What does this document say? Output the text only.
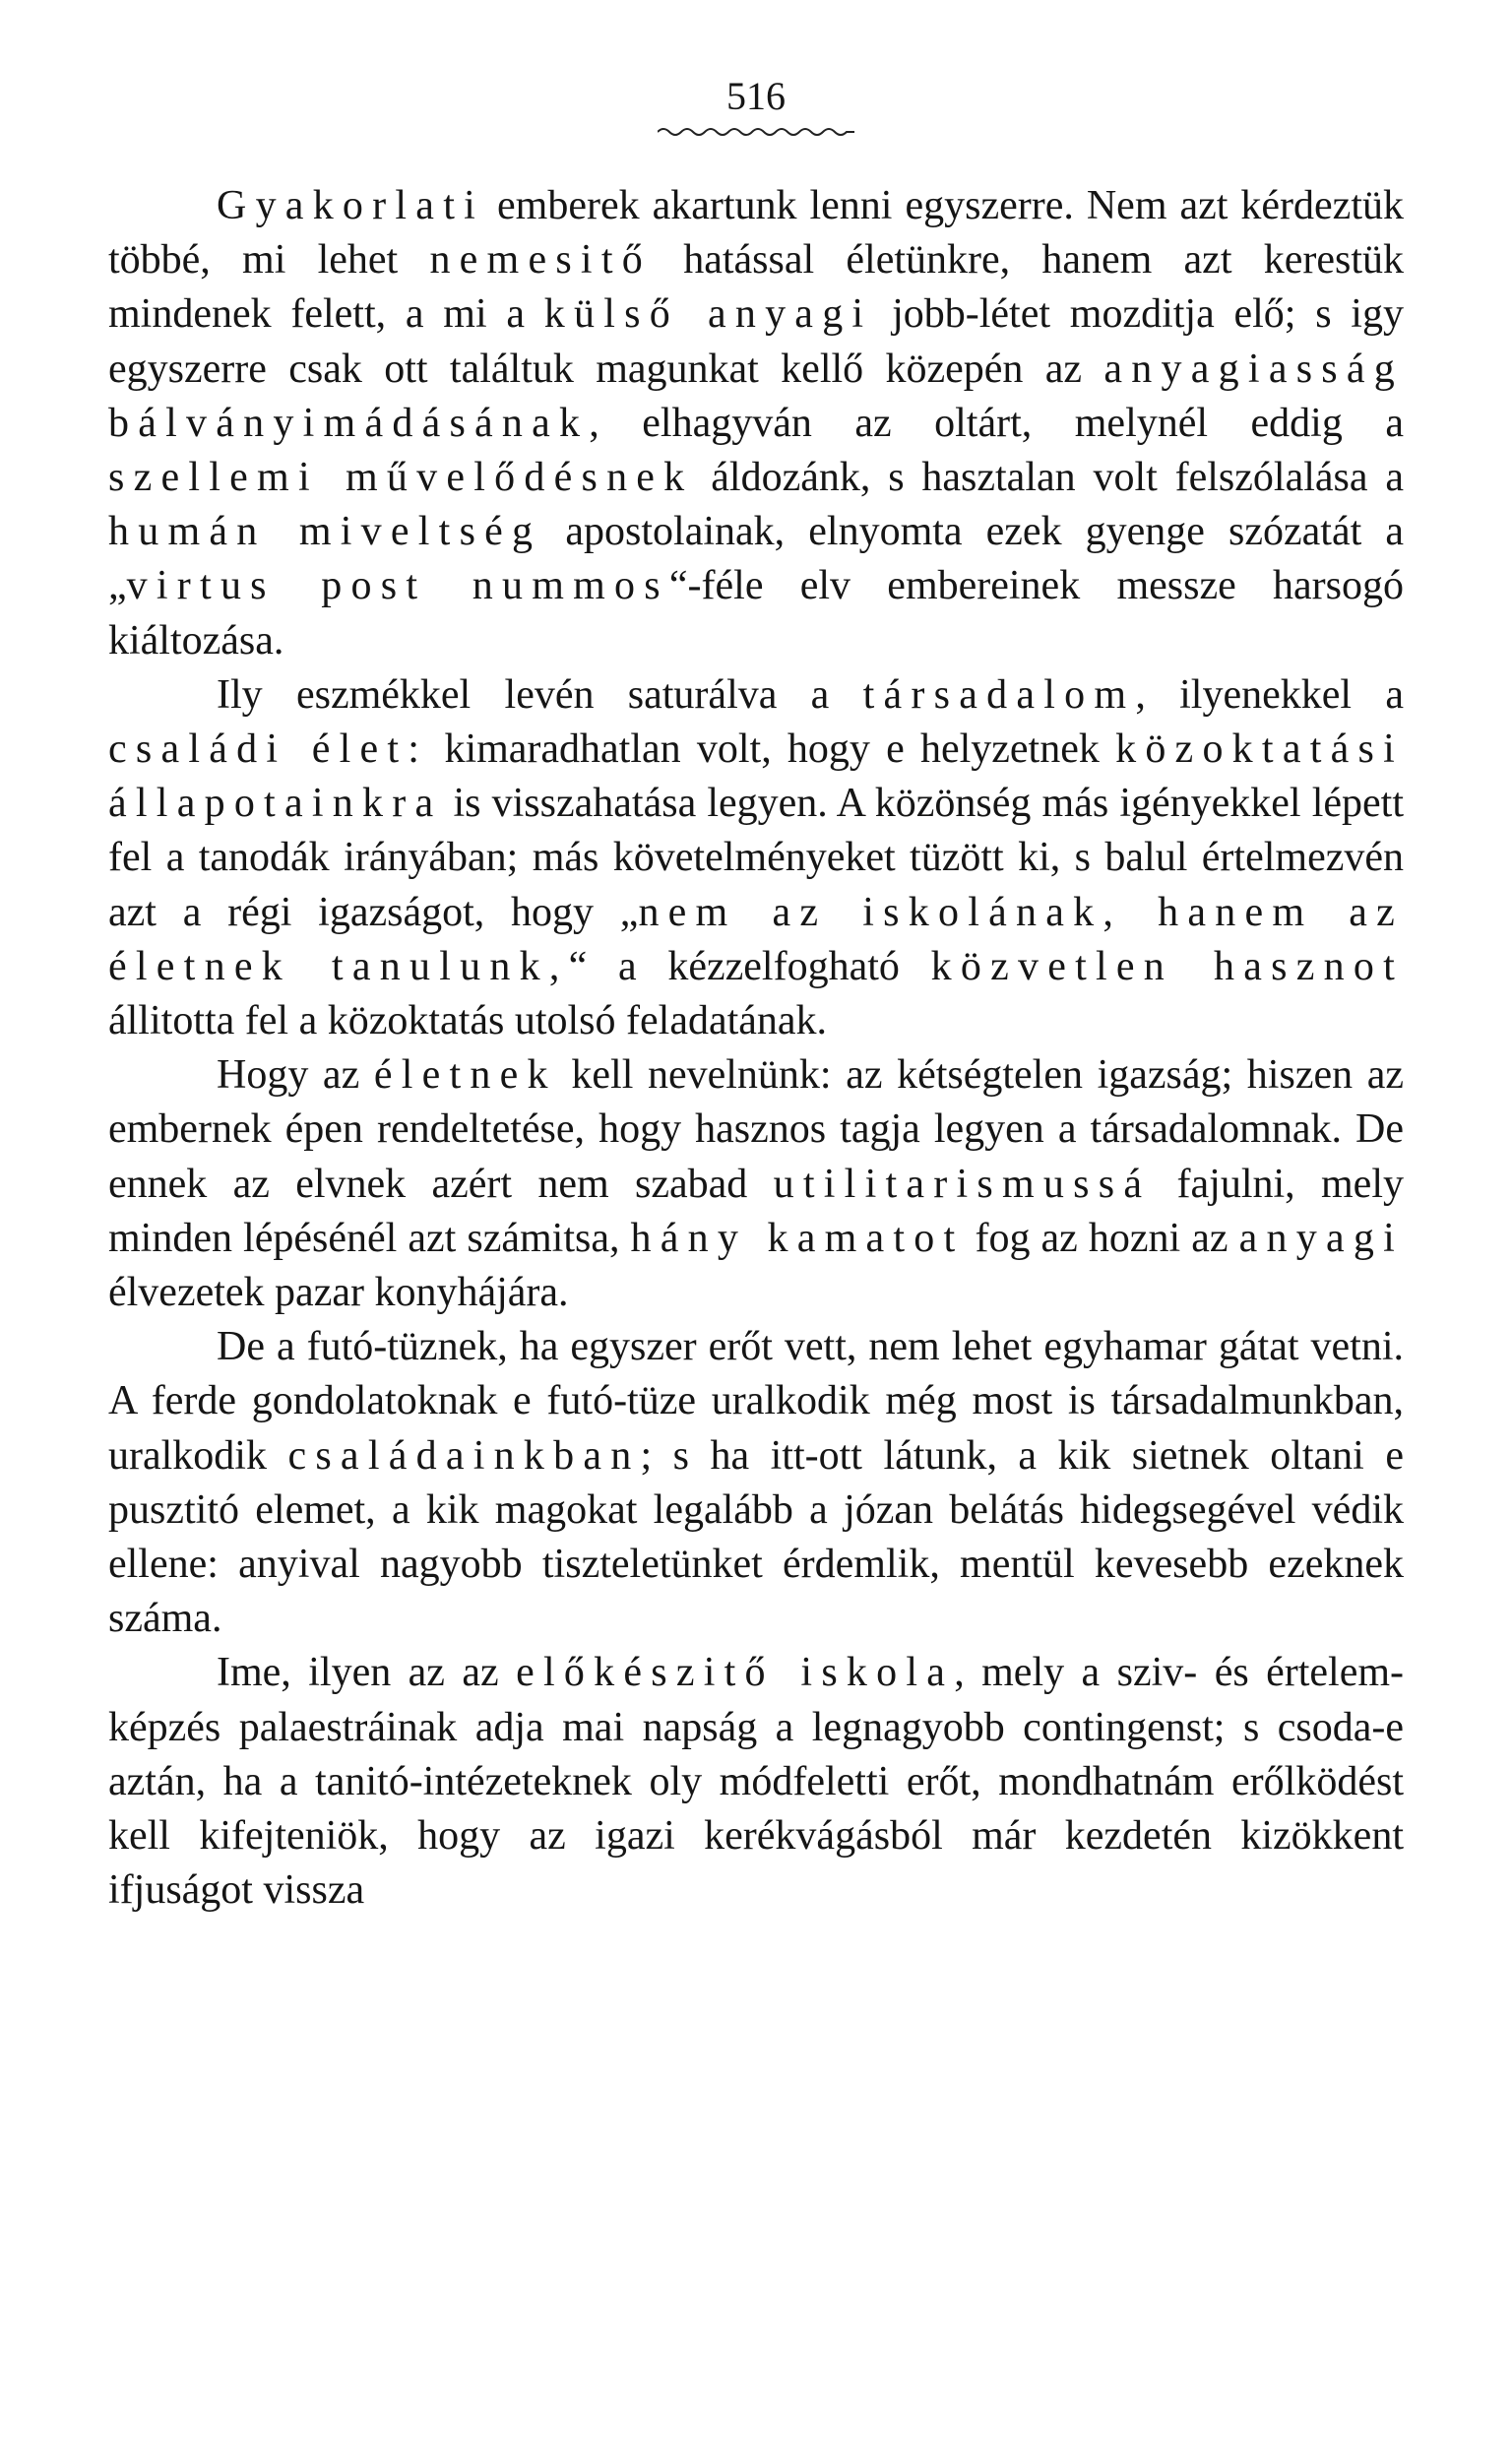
516

Gyakorlati emberek akartunk lenni egyszerre. Nem azt kérdeztük többé, mi lehet nemesitő hatással életünkre, hanem azt kerestük mindenek felett, a mi a külső anyagi jobb-létet mozditja elő; s igy egyszerre csak ott találtuk magunkat kellő közepén az anyagiasság bálványimádásának, elhagyván az oltárt, melynél eddig a szellemi művelődésnek áldozánk, s hasztalan volt felszólalása a humán miveltség apostolainak, elnyomta ezek gyenge szózatát a „virtus post nummos“-féle elv embereinek messze harsogó kiáltozása.

Ily eszmékkel levén saturálva a társadalom, ilyenekkel a családi élet: kimaradhatlan volt, hogy e helyzetnek közoktatási állapotainkra is visszahatása legyen. A közönség más igényekkel lépett fel a tanodák irányában; más követelményeket tüzött ki, s balul értelmezvén azt a régi igazságot, hogy „nem az iskolának, hanem az életnek tanulunk,“ a kézzelfogható közvetlen hasznot állitotta fel a közoktatás utolsó feladatának.

Hogy az életnek kell nevelnünk: az kétségtelen igazság; hiszen az embernek épen rendeltetése, hogy hasznos tagja legyen a társadalomnak. De ennek az elvnek azért nem szabad utilitarismussá fajulni, mely minden lépésénél azt számitsa, hány kamatot fog az hozni az anyagi élvezetek pazar konyhájára.

De a futó-tüznek, ha egyszer erőt vett, nem lehet egyhamar gátat vetni. A ferde gondolatoknak e futó-tüze uralkodik még most is társadalmunkban, uralkodik családainkban; s ha itt-ott látunk, a kik sietnek oltani e pusztitó elemet, a kik magokat legalább a józan belátás hidegsegével védik ellene: anyival nagyobb tiszteletünket érdemlik, mentül kevesebb ezeknek száma.

Ime, ilyen az az előkészitő iskola, mely a sziv- és értelem-képzés palaestráinak adja mai napság a legnagyobb contingenst; s csoda-e aztán, ha a tanitó-intézeteknek oly módfeletti erőt, mondhatnám erőlködést kell kifejteniök, hogy az igazi kerékvágásból már kezdetén kizökkent ifjuságot vissza
